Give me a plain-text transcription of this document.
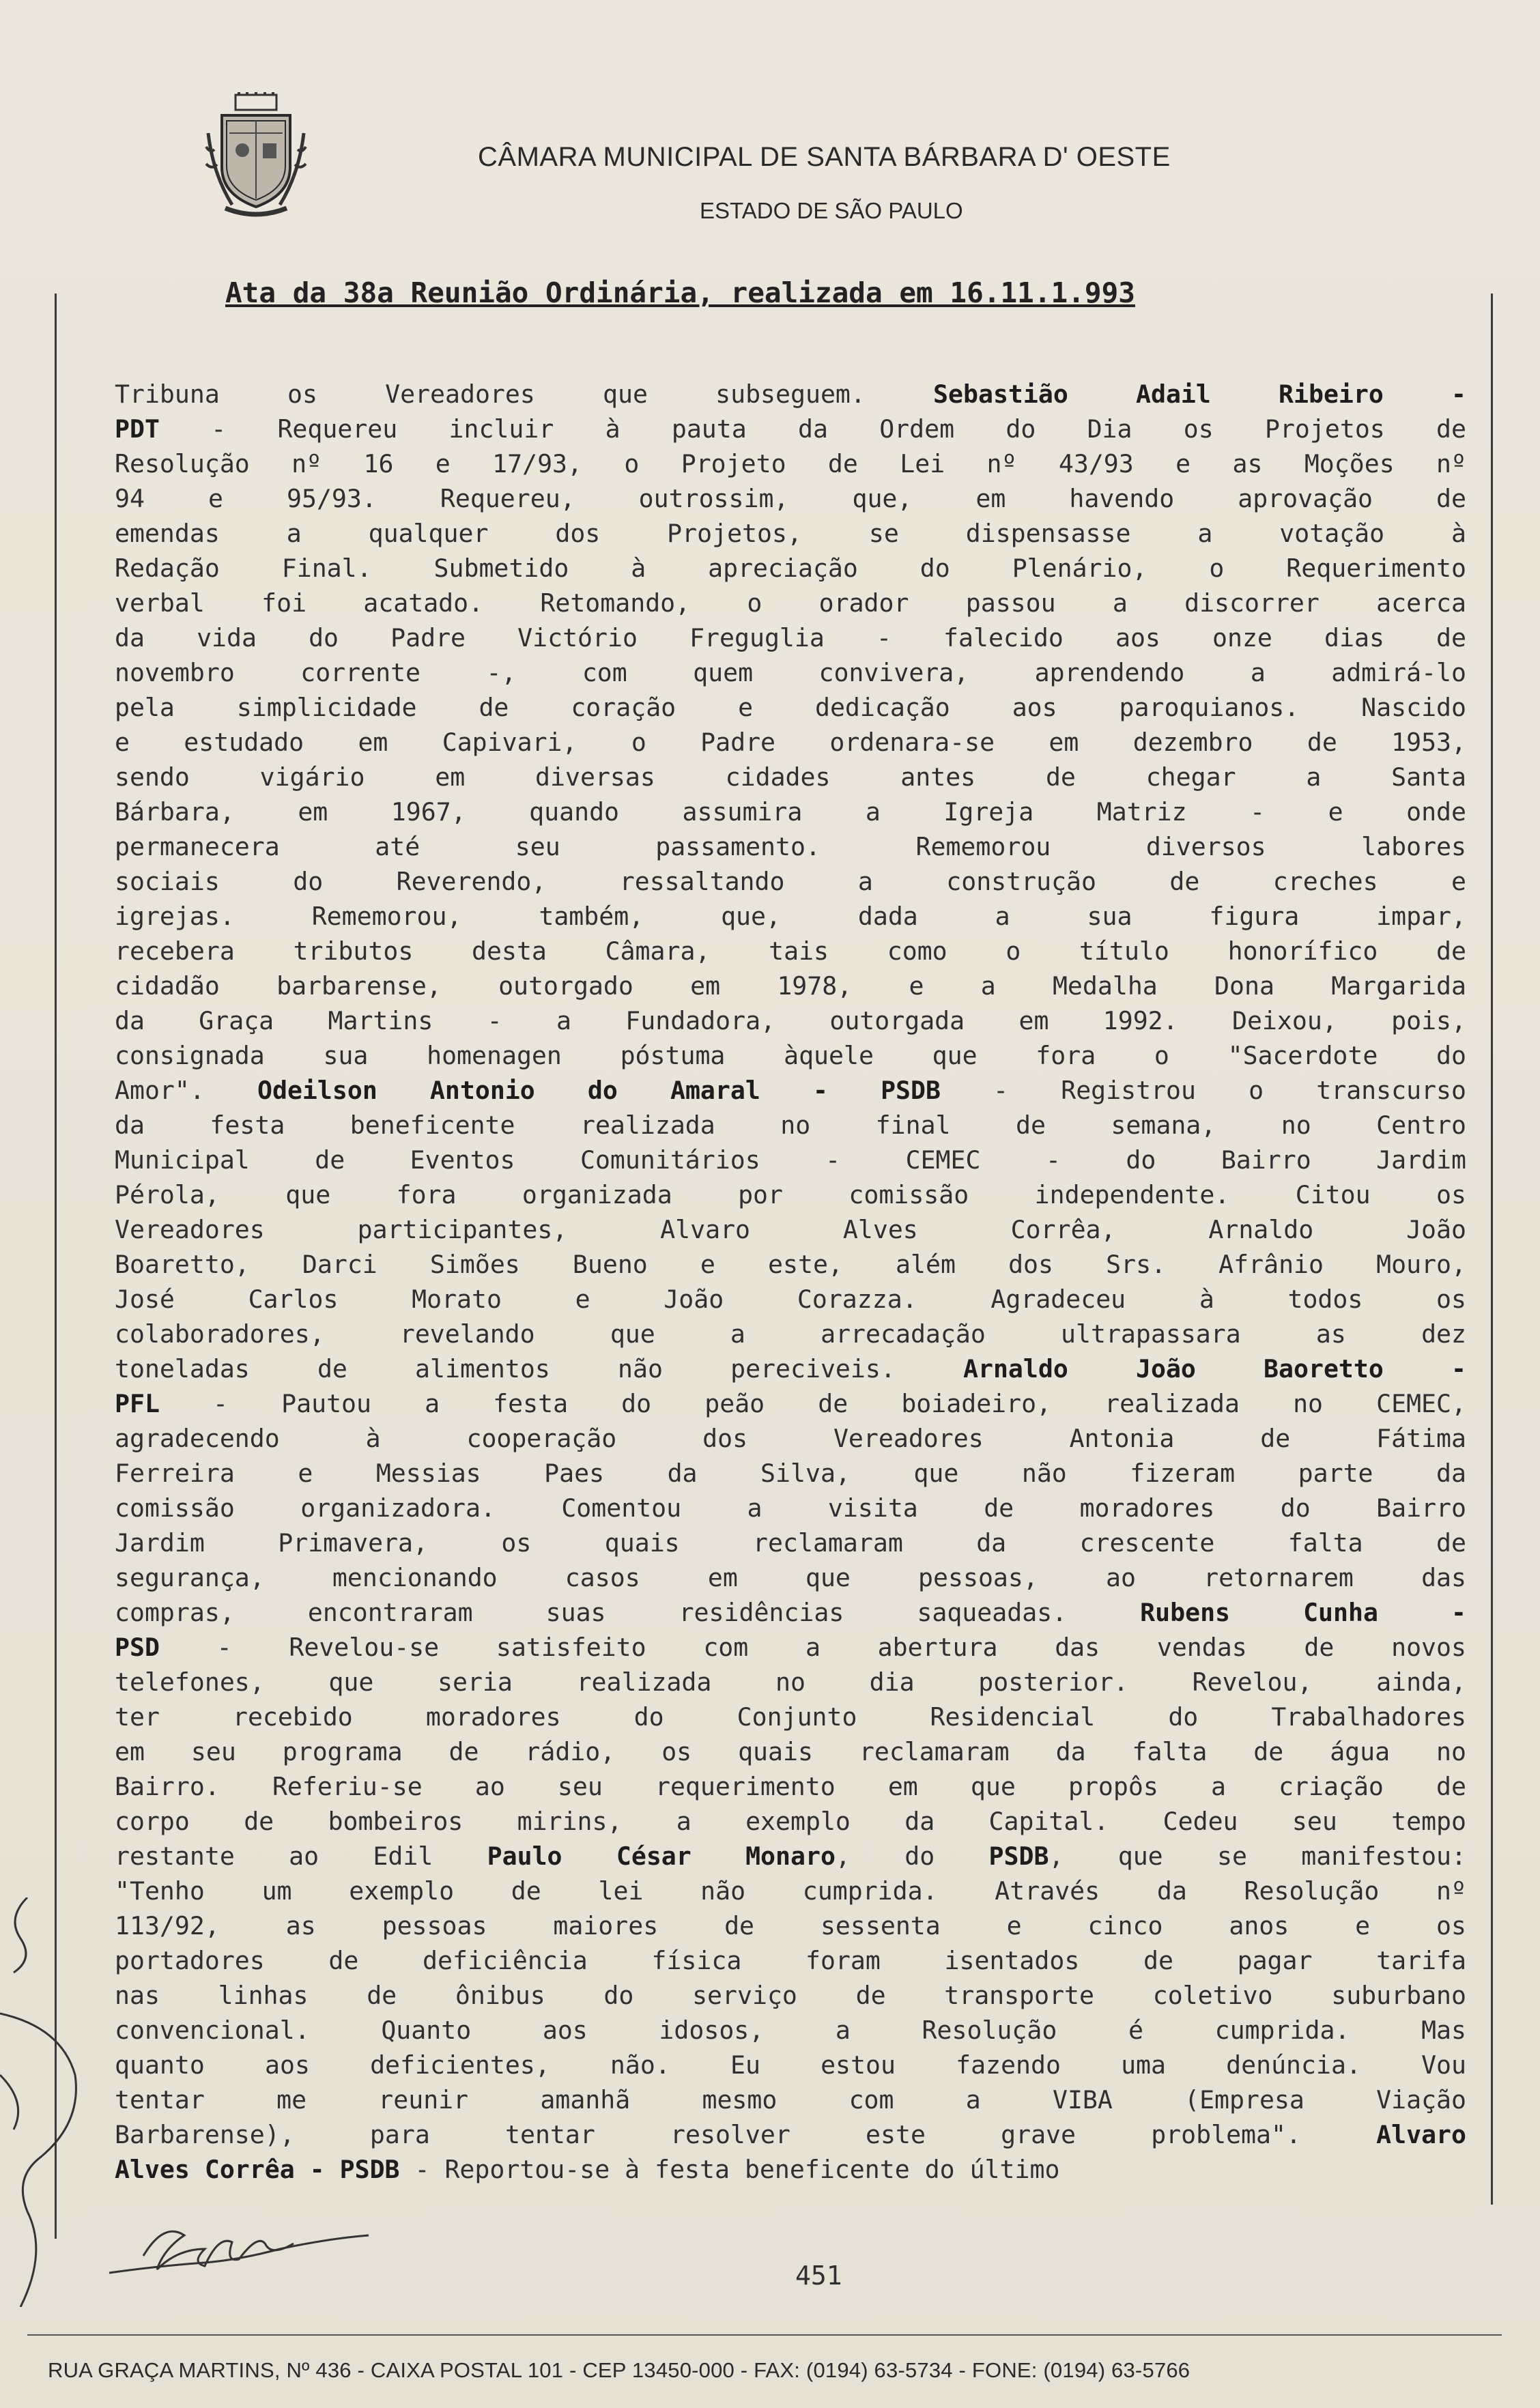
CÂMARA MUNICIPAL DE SANTA BÁRBARA D' OESTE
ESTADO DE SÃO PAULO
Ata da 38a Reunião Ordinária, realizada em 16.11.1.993
Tribuna os Vereadores que subseguem. Sebastião Adail Ribeiro -
PDT - Requereu incluir à pauta da Ordem do Dia os Projetos de
Resolução nº 16 e 17/93, o Projeto de Lei nº 43/93 e as Moções nº
94 e 95/93. Requereu, outrossim, que, em havendo aprovação de
emendas a qualquer dos Projetos, se dispensasse a votação à
Redação Final. Submetido à apreciação do Plenário, o Requerimento
verbal foi acatado. Retomando, o orador passou a discorrer acerca
da vida do Padre Victório Freguglia - falecido aos onze dias de
novembro corrente -, com quem convivera, aprendendo a admirá-lo
pela simplicidade de coração e dedicação aos paroquianos. Nascido
e estudado em Capivari, o Padre ordenara-se em dezembro de 1953,
sendo vigário em diversas cidades antes de chegar a Santa
Bárbara, em 1967, quando assumira a Igreja Matriz - e onde
permanecera até seu passamento. Rememorou diversos labores
sociais do Reverendo, ressaltando a construção de creches e
igrejas. Rememorou, também, que, dada a sua figura impar,
recebera tributos desta Câmara, tais como o título honorífico de
cidadão barbarense, outorgado em 1978, e a Medalha Dona Margarida
da Graça Martins - a Fundadora, outorgada em 1992. Deixou, pois,
consignada sua homenagen póstuma àquele que fora o "Sacerdote do
Amor". Odeilson Antonio do Amaral - PSDB - Registrou o transcurso
da festa beneficente realizada no final de semana, no Centro
Municipal de Eventos Comunitários - CEMEC - do Bairro Jardim
Pérola, que fora organizada por comissão independente. Citou os
Vereadores participantes, Alvaro Alves Corrêa, Arnaldo João
Boaretto, Darci Simões Bueno e este, além dos Srs. Afrânio Mouro,
José Carlos Morato e João Corazza. Agradeceu à todos os
colaboradores, revelando que a arrecadação ultrapassara as dez
toneladas de alimentos não pereciveis. Arnaldo João Baoretto -
PFL - Pautou a festa do peão de boiadeiro, realizada no CEMEC,
agradecendo à cooperação dos Vereadores Antonia de Fátima
Ferreira e Messias Paes da Silva, que não fizeram parte da
comissão organizadora. Comentou a visita de moradores do Bairro
Jardim Primavera, os quais reclamaram da crescente falta de
segurança, mencionando casos em que pessoas, ao retornarem das
compras, encontraram suas residências saqueadas. Rubens Cunha -
PSD - Revelou-se satisfeito com a abertura das vendas de novos
telefones, que seria realizada no dia posterior. Revelou, ainda,
ter recebido moradores do Conjunto Residencial do Trabalhadores
em seu programa de rádio, os quais reclamaram da falta de água no
Bairro. Referiu-se ao seu requerimento em que propôs a criação de
corpo de bombeiros mirins, a exemplo da Capital. Cedeu seu tempo
restante ao Edil Paulo César Monaro, do PSDB, que se manifestou:
"Tenho um exemplo de lei não cumprida. Através da Resolução nº
113/92, as pessoas maiores de sessenta e cinco anos e os
portadores de deficiência física foram isentados de pagar tarifa
nas linhas de ônibus do serviço de transporte coletivo suburbano
convencional. Quanto aos idosos, a Resolução é cumprida. Mas
quanto aos deficientes, não. Eu estou fazendo uma denúncia. Vou
tentar me reunir amanhã mesmo com a VIBA (Empresa Viação
Barbarense), para tentar resolver este grave problema". Alvaro
Alves Corrêa - PSDB - Reportou-se à festa beneficente do último
451
RUA GRAÇA MARTINS, Nº 436 - CAIXA POSTAL 101 - CEP 13450-000 - FAX: (0194) 63-5734 - FONE: (0194) 63-5766
